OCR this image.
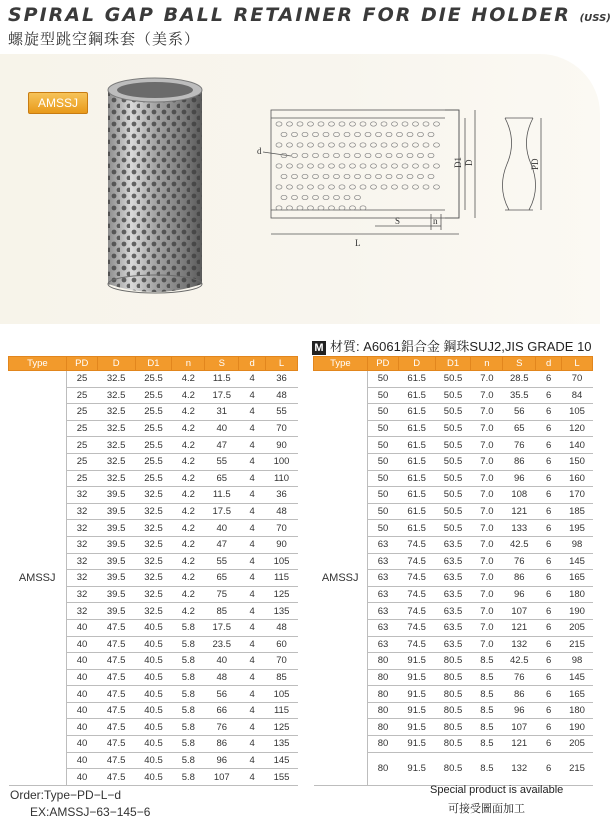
SPIRAL GAP BALL RETAINER FOR DIE HOLDER (USS)
螺旋型跳空鋼珠套（美系）
AMSSJ
d
D1 D	PD
S	n
L
M 材質: A6061鋁合金 鋼珠SUJ2,JIS GRADE 10
Type	PD	D	D1	n	S	d	L
AMSSJ	25	32.5	25.5	4.2	11.5	4	36
	25	32.5	25.5	4.2	17.5	4	48
	25	32.5	25.5	4.2	31	4	55
	25	32.5	25.5	4.2	40	4	70
	25	32.5	25.5	4.2	47	4	90
	25	32.5	25.5	4.2	55	4	100
	25	32.5	25.5	4.2	65	4	110
	32	39.5	32.5	4.2	11.5	4	36
	32	39.5	32.5	4.2	17.5	4	48
	32	39.5	32.5	4.2	40	4	70
	32	39.5	32.5	4.2	47	4	90
	32	39.5	32.5	4.2	55	4	105
	32	39.5	32.5	4.2	65	4	115
	32	39.5	32.5	4.2	75	4	125
	32	39.5	32.5	4.2	85	4	135
	40	47.5	40.5	5.8	17.5	4	48
	40	47.5	40.5	5.8	23.5	4	60
	40	47.5	40.5	5.8	40	4	70
	40	47.5	40.5	5.8	48	4	85
	40	47.5	40.5	5.8	56	4	105
	40	47.5	40.5	5.8	66	4	115
	40	47.5	40.5	5.8	76	4	125
	40	47.5	40.5	5.8	86	4	135
	40	47.5	40.5	5.8	96	4	145
	40	47.5	40.5	5.8	107	4	155
Type	PD	D	D1	n	S	d	L
AMSSJ	50	61.5	50.5	7.0	28.5	6	70
	50	61.5	50.5	7.0	35.5	6	84
	50	61.5	50.5	7.0	56	6	105
	50	61.5	50.5	7.0	65	6	120
	50	61.5	50.5	7.0	76	6	140
	50	61.5	50.5	7.0	86	6	150
	50	61.5	50.5	7.0	96	6	160
	50	61.5	50.5	7.0	108	6	170
	50	61.5	50.5	7.0	121	6	185
	50	61.5	50.5	7.0	133	6	195
	63	74.5	63.5	7.0	42.5	6	98
	63	74.5	63.5	7.0	76	6	145
	63	74.5	63.5	7.0	86	6	165
	63	74.5	63.5	7.0	96	6	180
	63	74.5	63.5	7.0	107	6	190
	63	74.5	63.5	7.0	121	6	205
	63	74.5	63.5	7.0	132	6	215
	80	91.5	80.5	8.5	42.5	6	98
	80	91.5	80.5	8.5	76	6	145
	80	91.5	80.5	8.5	86	6	165
	80	91.5	80.5	8.5	96	6	180
	80	91.5	80.5	8.5	107	6	190
	80	91.5	80.5	8.5	121	6	205
	80	91.5	80.5	8.5	132	6	215
Order:Type−PD−L−d
EX:AMSSJ−63−145−6
Special product is available
可接受圖面加工
